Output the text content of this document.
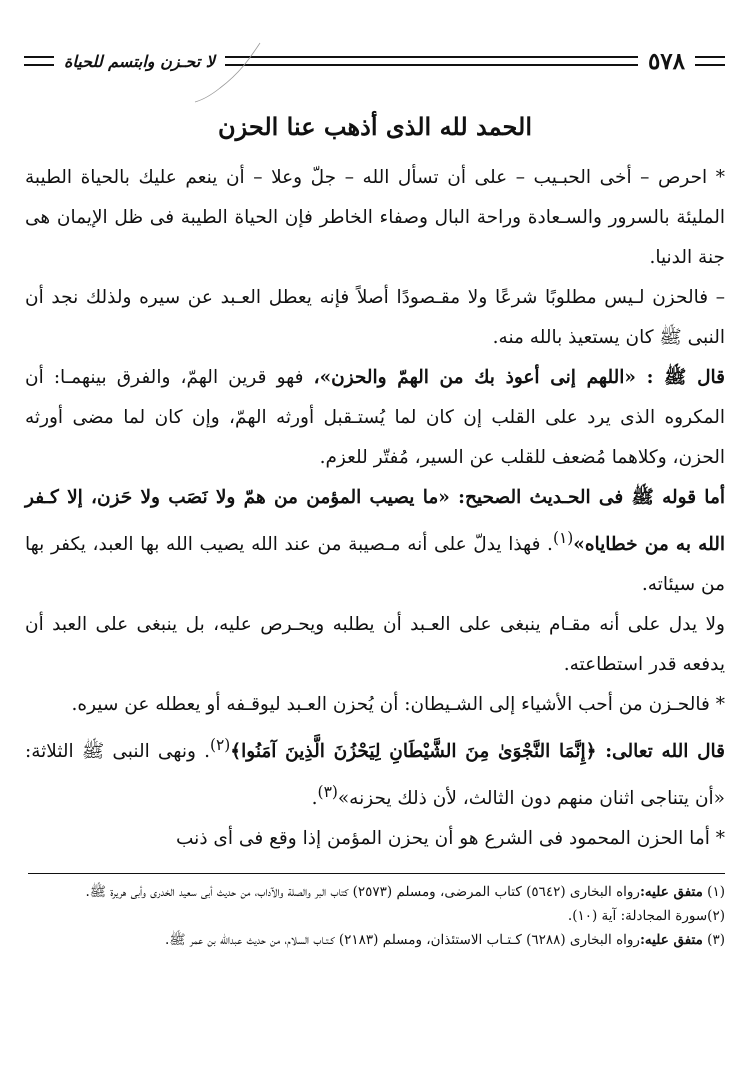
٥٧٨
لا تحـزن وابتسم للحياة
الحمد لله الذى أذهب عنا الحزن

* احرص – أخى الحبـيب – على أن تسأل الله – جلّ وعلا – أن ينعم عليك بالحياة الطيبة المليئة بالسرور والسـعادة وراحة البال وصفاء الخاطر فإن الحياة الطيبة فى ظل الإيمان هى جنة الدنيا.

– فالحزن لـيس مطلوبًا شرعًا ولا مقـصودًا أصلاً فإنه يعطل العـبد عن سيره ولذلك نجد أن النبى ﷺ كان يستعيذ بالله منه.

قال ﷺ : «اللهم إنى أعوذ بك من الهمّ والحزن»، فهو قرين الهمّ، والفرق بينهمـا: أن المكروه الذى يرد على القلب إن كان لما يُستـقبل أورثه الهمّ، وإن كان لما مضى أورثه الحزن، وكلاهما مُضعف للقلب عن السير، مُفتّر للعزم.

أما قوله ﷺ فى الحـديث الصحيح: «ما يصيب المؤمن من همّ ولا نَصَب ولا حَزن، إلا كـفر الله به من خطاياه»$^{(١)}$. فهذا يدلّ على أنه مـصيبة من عند الله يصيب الله بها العبد، يكفر بها من سيئاته.

ولا يدل على أنه مقـام ينبغى على العـبد أن يطلبه ويحـرص عليه، بل ينبغى على العبد أن يدفعه قدر استطاعته.

* فالحـزن من أحب الأشياء إلى الشـيطان: أن يُحزن العـبد ليوقـفه أو يعطله عن سيره.

قال الله تعالى: ﴿إِنَّمَا النَّجْوَىٰ مِنَ الشَّيْطَانِ لِيَحْزُنَ الَّذِينَ آمَنُوا﴾$^{(٢)}$. ونهى النبى ﷺ الثلاثة: «أن يتناجى اثنان منهم دون الثالث، لأن ذلك يحزنه»$^{(٣)}$.

* أما الحزن المحمود فى الشرع هو أن يحزن المؤمن إذا وقع فى أى ذنب

(١) متفق عليه:رواه البخارى (٥٦٤٢) كتاب المرضى، ومسلم (٢٥٧٣) كتاب البر والصلة والآداب، من حديث أبى سعيد الخدرى وأبى هريرة ﷺ.

(٢)سورة المجادلة: آية (١٠).

(٣) متفق عليه:رواه البخارى (٦٢٨٨) كـتـاب الاستئذان، ومسلم (٢١٨٣) كـتـاب السلام، من حديث عبدالله بن عمر ﷺ.
